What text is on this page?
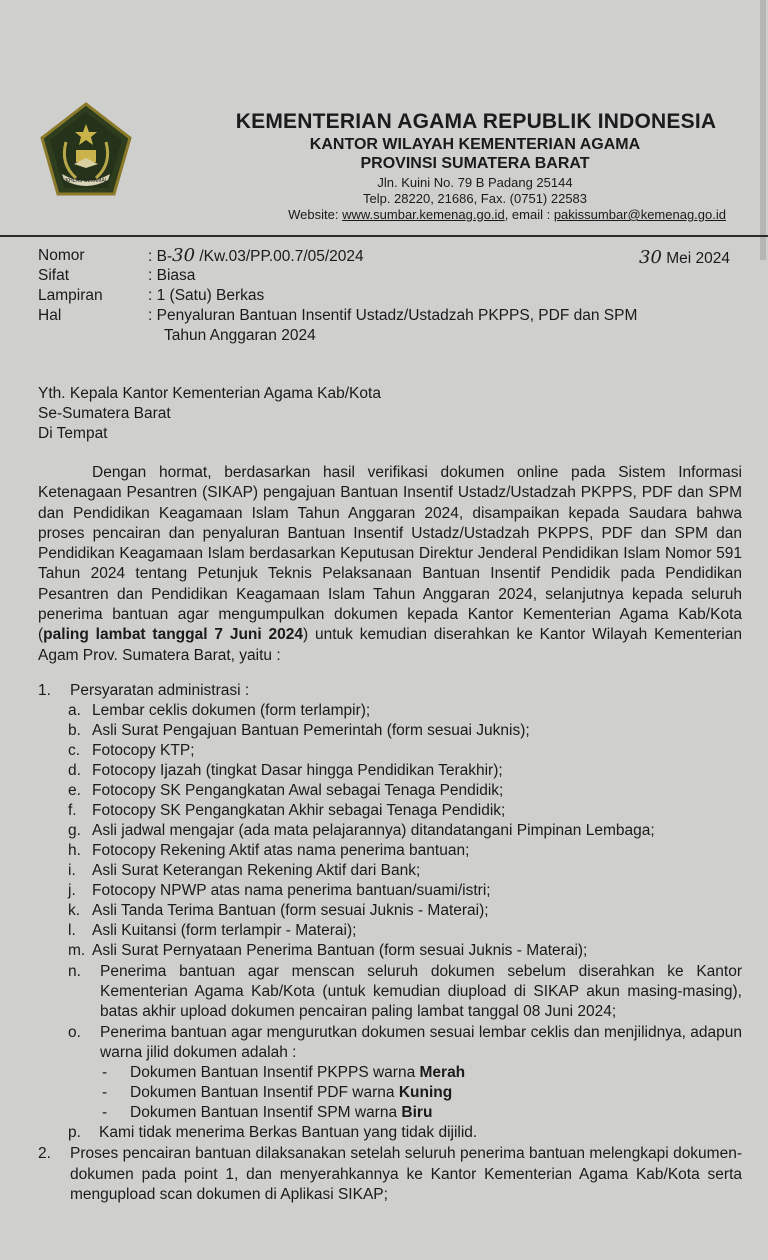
IKHLAS BERAMAL
KEMENTERIAN AGAMA REPUBLIK INDONESIA
KANTOR WILAYAH KEMENTERIAN AGAMA
PROVINSI SUMATERA BARAT
Jln. Kuini No. 79 B Padang 25144
Telp. 28220, 21686, Fax. (0751) 22583
Website: www.sumbar.kemenag.go.id, email : pakissumbar@kemenag.go.id
Nomor	: B-30 /Kw.03/PP.00.7/05/2024	30 Mei 2024
Sifat	: Biasa
Lampiran	: 1 (Satu) Berkas
Hal	: Penyaluran Bantuan Insentif Ustadz/Ustadzah PKPPS, PDF dan SPM
Tahun Anggaran 2024
Yth. Kepala Kantor Kementerian Agama Kab/Kota
Se-Sumatera Barat
Di Tempat

Dengan hormat, berdasarkan hasil verifikasi dokumen online pada Sistem Informasi Ketenagaan Pesantren (SIKAP) pengajuan Bantuan Insentif Ustadz/Ustadzah PKPPS, PDF dan SPM dan Pendidikan Keagamaan Islam Tahun Anggaran 2024, disampaikan kepada Saudara bahwa proses pencairan dan penyaluran Bantuan Insentif Ustadz/Ustadzah PKPPS, PDF dan SPM dan Pendidikan Keagamaan Islam berdasarkan Keputusan Direktur Jenderal Pendidikan Islam Nomor 591 Tahun 2024 tentang Petunjuk Teknis Pelaksanaan Bantuan Insentif Pendidik pada Pendidikan Pesantren dan Pendidikan Keagamaan Islam Tahun Anggaran 2024, selanjutnya kepada seluruh penerima bantuan agar mengumpulkan dokumen kepada Kantor Kementerian Agama Kab/Kota (paling lambat tanggal 7 Juni 2024) untuk kemudian diserahkan ke Kantor Wilayah Kementerian Agam Prov. Sumatera Barat, yaitu :

1. Persyaratan administrasi :
a. Lembar ceklis dokumen (form terlampir);
b. Asli Surat Pengajuan Bantuan Pemerintah (form sesuai Juknis);
c. Fotocopy KTP;
d. Fotocopy Ijazah (tingkat Dasar hingga Pendidikan Terakhir);
e. Fotocopy SK Pengangkatan Awal sebagai Tenaga Pendidik;
f. Fotocopy SK Pengangkatan Akhir sebagai Tenaga Pendidik;
g. Asli jadwal mengajar (ada mata pelajarannya) ditandatangani Pimpinan Lembaga;
h. Fotocopy Rekening Aktif atas nama penerima bantuan;
i. Asli Surat Keterangan Rekening Aktif dari Bank;
j. Fotocopy NPWP atas nama penerima bantuan/suami/istri;
k. Asli Tanda Terima Bantuan (form sesuai Juknis - Materai);
l. Asli Kuitansi (form terlampir - Materai);
m. Asli Surat Pernyataan Penerima Bantuan (form sesuai Juknis - Materai);
n. Penerima bantuan agar menscan seluruh dokumen sebelum diserahkan ke Kantor Kementerian Agama Kab/Kota (untuk kemudian diupload di SIKAP akun masing-masing), batas akhir upload dokumen pencairan paling lambat tanggal 08 Juni 2024;
o. Penerima bantuan agar mengurutkan dokumen sesuai lembar ceklis dan menjilidnya, adapun warna jilid dokumen adalah :
- Dokumen Bantuan Insentif PKPPS warna Merah
- Dokumen Bantuan Insentif PDF warna Kuning
- Dokumen Bantuan Insentif SPM warna Biru
p. Kami tidak menerima Berkas Bantuan yang tidak dijilid.
2. Proses pencairan bantuan dilaksanakan setelah seluruh penerima bantuan melengkapi dokumen-dokumen pada point 1, dan menyerahkannya ke Kantor Kementerian Agama Kab/Kota serta mengupload scan dokumen di Aplikasi SIKAP;
